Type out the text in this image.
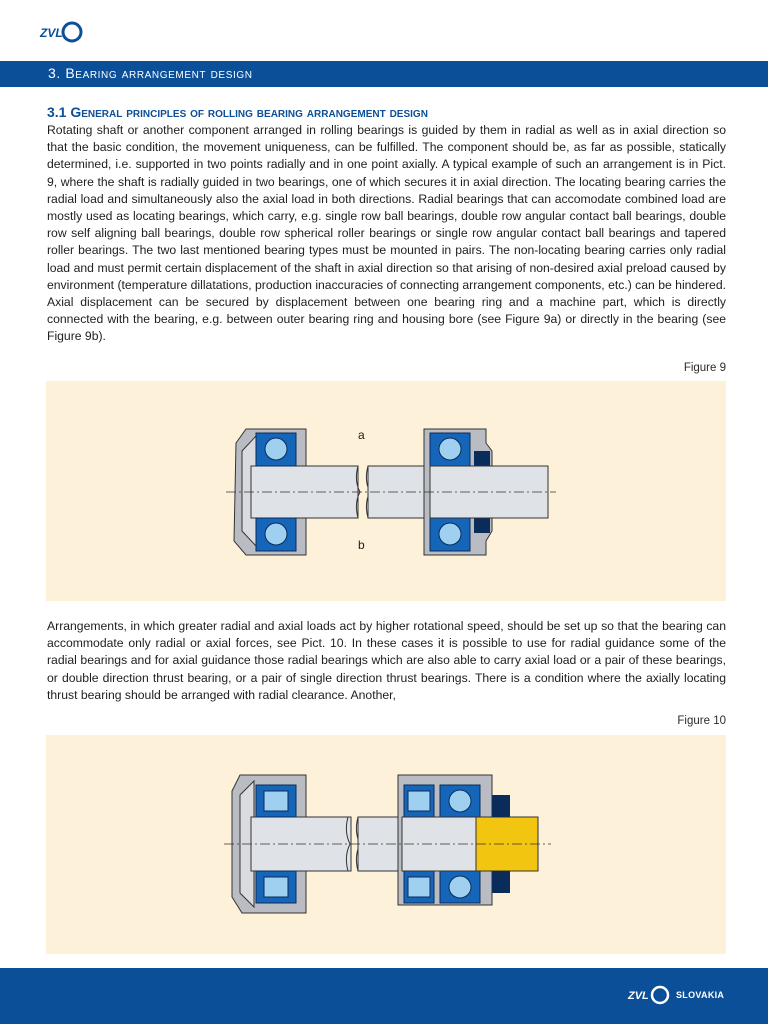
ZVL
3. Bearing arrangement design
3.1 General principles of rolling bearing arrangement design

Rotating shaft or another component arranged in rolling bearings is guided by them in radial as well as in axial direction so that the basic condition, the movement uniqueness, can be fulfilled. The component should be, as far as possible, statically determined, i.e. supported in two points radially and in one point axially. A typical example of such an arrangement is in Pict. 9, where the shaft is radially guided in two bearings, one of which secures it in axial direction. The locating bearing carries the radial load and simultaneously also the axial load in both directions. Radial bearings that can accomodate combined load are mostly used as locating bearings, which carry, e.g. single row ball bearings, double row angular contact ball bearings, double row self aligning ball bearings, double row spherical roller bearings or single row angular contact ball bearings and tapered roller bearings. The two last mentioned bearing types must be mounted in pairs. The non-locating bearing carries only radial load and must permit certain displacement of the shaft in axial direction so that arising of non-desired axial preload caused by environment (temperature dillatations, production inaccuracies of connecting arrangement components, etc.) can be hindered. Axial displacement can be secured by displacement between one bearing ring and a machine part, which is directly connected with the bearing, e.g. between outer bearing ring and housing bore (see Figure 9a) or directly in the bearing (see Figure 9b).

Figure 9
a
b

Arrangements, in which greater radial and axial loads act by higher rotational speed, should be set up so that the bearing can accommodate only radial or axial forces, see Pict. 10. In these cases it is possible to use for radial guidance some of the radial bearings and for axial guidance those radial bearings which are also able to carry axial load or a pair of these bearings, or double direction thrust bearing, or a pair of single direction thrust bearings. There is a condition where the axially locating thrust bearing should be arranged with radial clearance. Another,

Figure 10
ZVL	SLOVAKIA
